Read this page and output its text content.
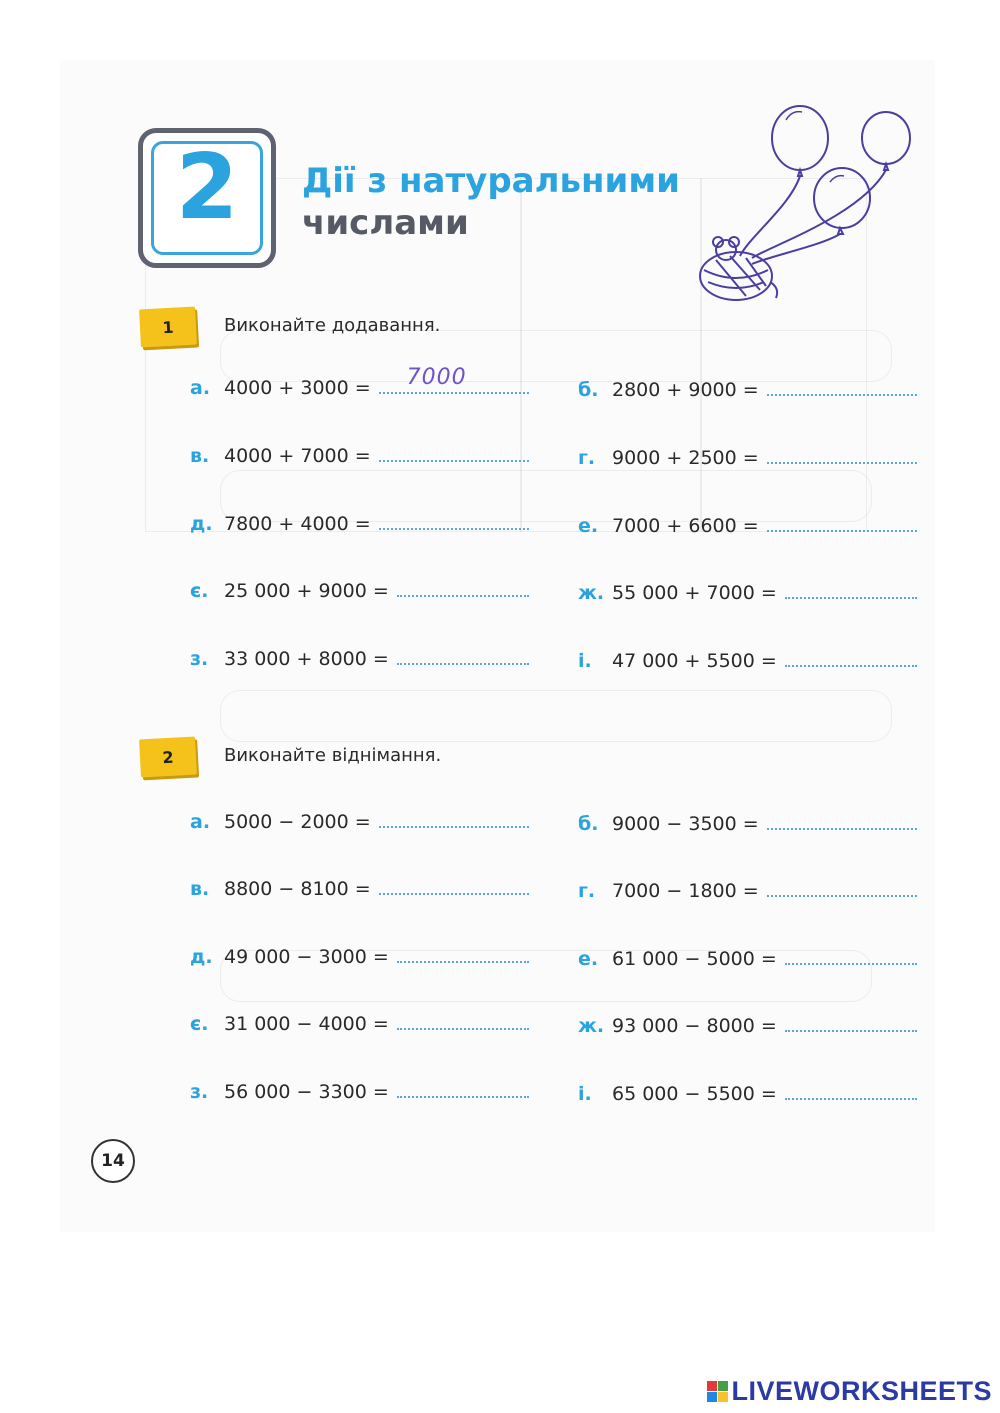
2	Дії з натуральними
числами
1	Виконайте додавання.
а. 4000 + 3000 = 7000	б. 2800 + 9000 =
в. 4000 + 7000 =	г. 9000 + 2500 =
д. 7800 + 4000 =	е. 7000 + 6600 =
є. 25 000 + 9000 =	ж. 55 000 + 7000 =
з. 33 000 + 8000 =	і.	47 000 + 5500 =
2	Виконайте віднімання.
а. 5000 − 2000 =	б. 9000 − 3500 =
в. 8800 − 8100 =	г. 7000 − 1800 =
д. 49 000 − 3000 =	е. 61 000 − 5000 =
є. 31 000 − 4000 =	ж. 93 000 − 8000 =
з. 56 000 − 3300 =	і.	65 000 − 5500 =
14
LIVEWORKSHEETS
